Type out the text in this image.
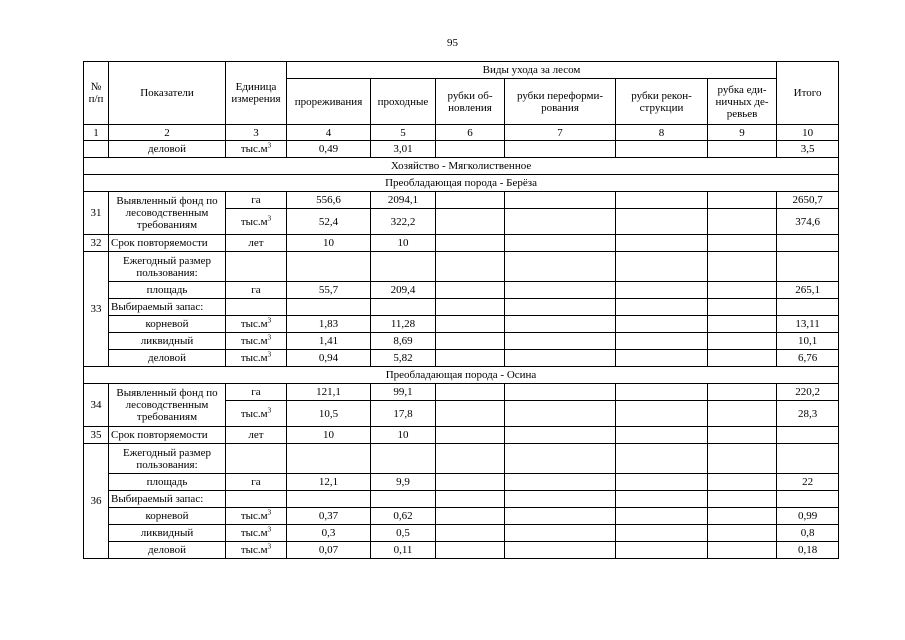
95
№ п/п	Показатели	Единица измерения	Виды ухода за лесом						Итого
			прореживания	проходные	рубки об-новления	рубки переформи-рования	рубки рекон-струкции	рубка еди-ничных де-ревьев	
1	2	3	4	5	6	7	8	9	10
	деловой	$тыс.м^3$	0,49	3,01					3,5
Хозяйство - Мягколиственное									
Преобладающая порода - Берёза									
31	Выявленный фонд по
лесоводственным
требованиям	га	556,6	2094,1					2650,7
		$тыс.м^3$	52,4	322,2					374,6
32	Срок повторяемости	лет	10	10					
33	Ежегодный размер
пользования:								

	площадь	га	55,7	209,4					265,1
	Выбираемый запас:								
	корневой	$тыс.м^3$	1,83	11,28					13,11
	ликвидный	$тыс.м^3$	1,41	8,69					10,1
	деловой	$тыс.м^3$	0,94	5,82					6,76
Преобладающая порода - Осина									
34	Выявленный фонд по
лесоводственным
требованиям	га	121,1	99,1					220,2
		$тыс.м^3$	10,5	17,8					28,3
35	Срок повторяемости	лет	10	10					
36	Ежегодный размер
пользования:								

	площадь	га	12,1	9,9					22
	Выбираемый запас:								
	корневой	$тыс.м^3$	0,37	0,62					0,99
	ликвидный	$тыс.м^3$	0,3	0,5					0,8
	деловой	$тыс.м^3$	0,07	0,11					0,18
